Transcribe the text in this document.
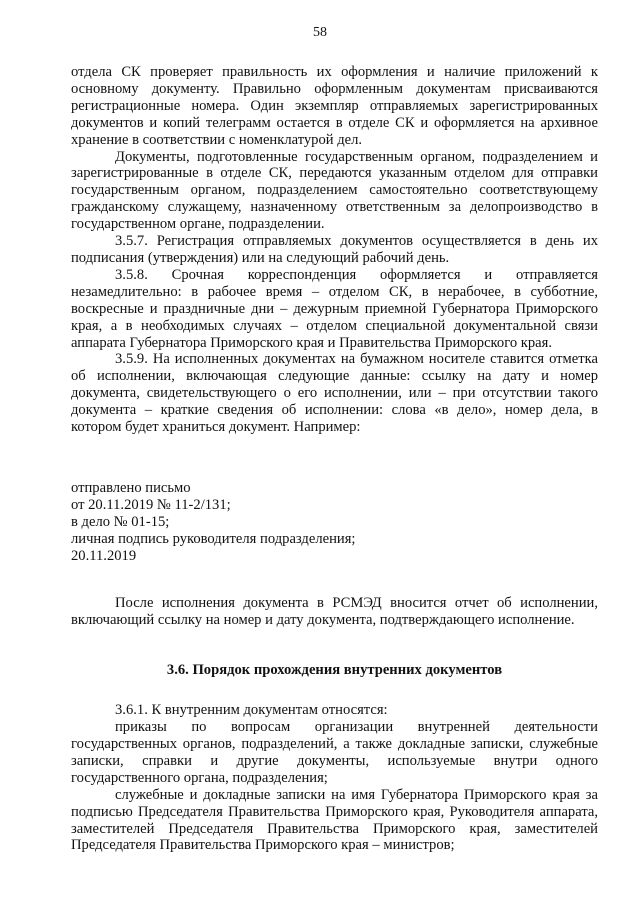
58

отдела СК проверяет правильность их оформления и наличие приложений к основному документу. Правильно оформленным документам присваиваются регистрационные номера. Один экземпляр отправляемых зарегистрированных документов и копий телеграмм остается в отделе СК и оформляется на архивное хранение в соответствии с номенклатурой дел.

Документы, подготовленные государственным органом, подразделением и зарегистрированные в отделе СК, передаются указанным отделом для отправки государственным органом, подразделением самостоятельно соответствующему гражданскому служащему, назначенному ответственным за делопроизводство в государственном органе, подразделении.

3.5.7. Регистрация отправляемых документов осуществляется в день их подписания (утверждения) или на следующий рабочий день.

3.5.8. Срочная корреспонденция оформляется и отправляется незамедлительно: в рабочее время – отделом СК, в нерабочее, в субботние, воскресные и праздничные дни – дежурным приемной Губернатора Приморского края, а в необходимых случаях – отделом специальной документальной связи аппарата Губернатора Приморского края и Правительства Приморского края.

3.5.9. На исполненных документах на бумажном носителе ставится отметка об исполнении, включающая следующие данные: ссылку на дату и номер документа, свидетельствующего о его исполнении, или – при отсутствии такого документа – краткие сведения об исполнении: слова «в дело», номер дела, в котором будет храниться документ. Например:

отправлено письмо
от 20.11.2019 № 11-2/131;
в дело № 01-15;
личная подпись руководителя подразделения;
20.11.2019

После исполнения документа в РСМЭД вносится отчет об исполнении, включающий ссылку на номер и дату документа, подтверждающего исполнение.

3.6. Порядок прохождения внутренних документов

3.6.1. К внутренним документам относятся:

приказы по вопросам организации внутренней деятельности государственных органов, подразделений, а также докладные записки, служебные записки, справки и другие документы, используемые внутри одного государственного органа, подразделения;

служебные и докладные записки на имя Губернатора Приморского края за подписью Председателя Правительства Приморского края, Руководителя аппарата, заместителей Председателя Правительства Приморского края, заместителей Председателя Правительства Приморского края – министров;
